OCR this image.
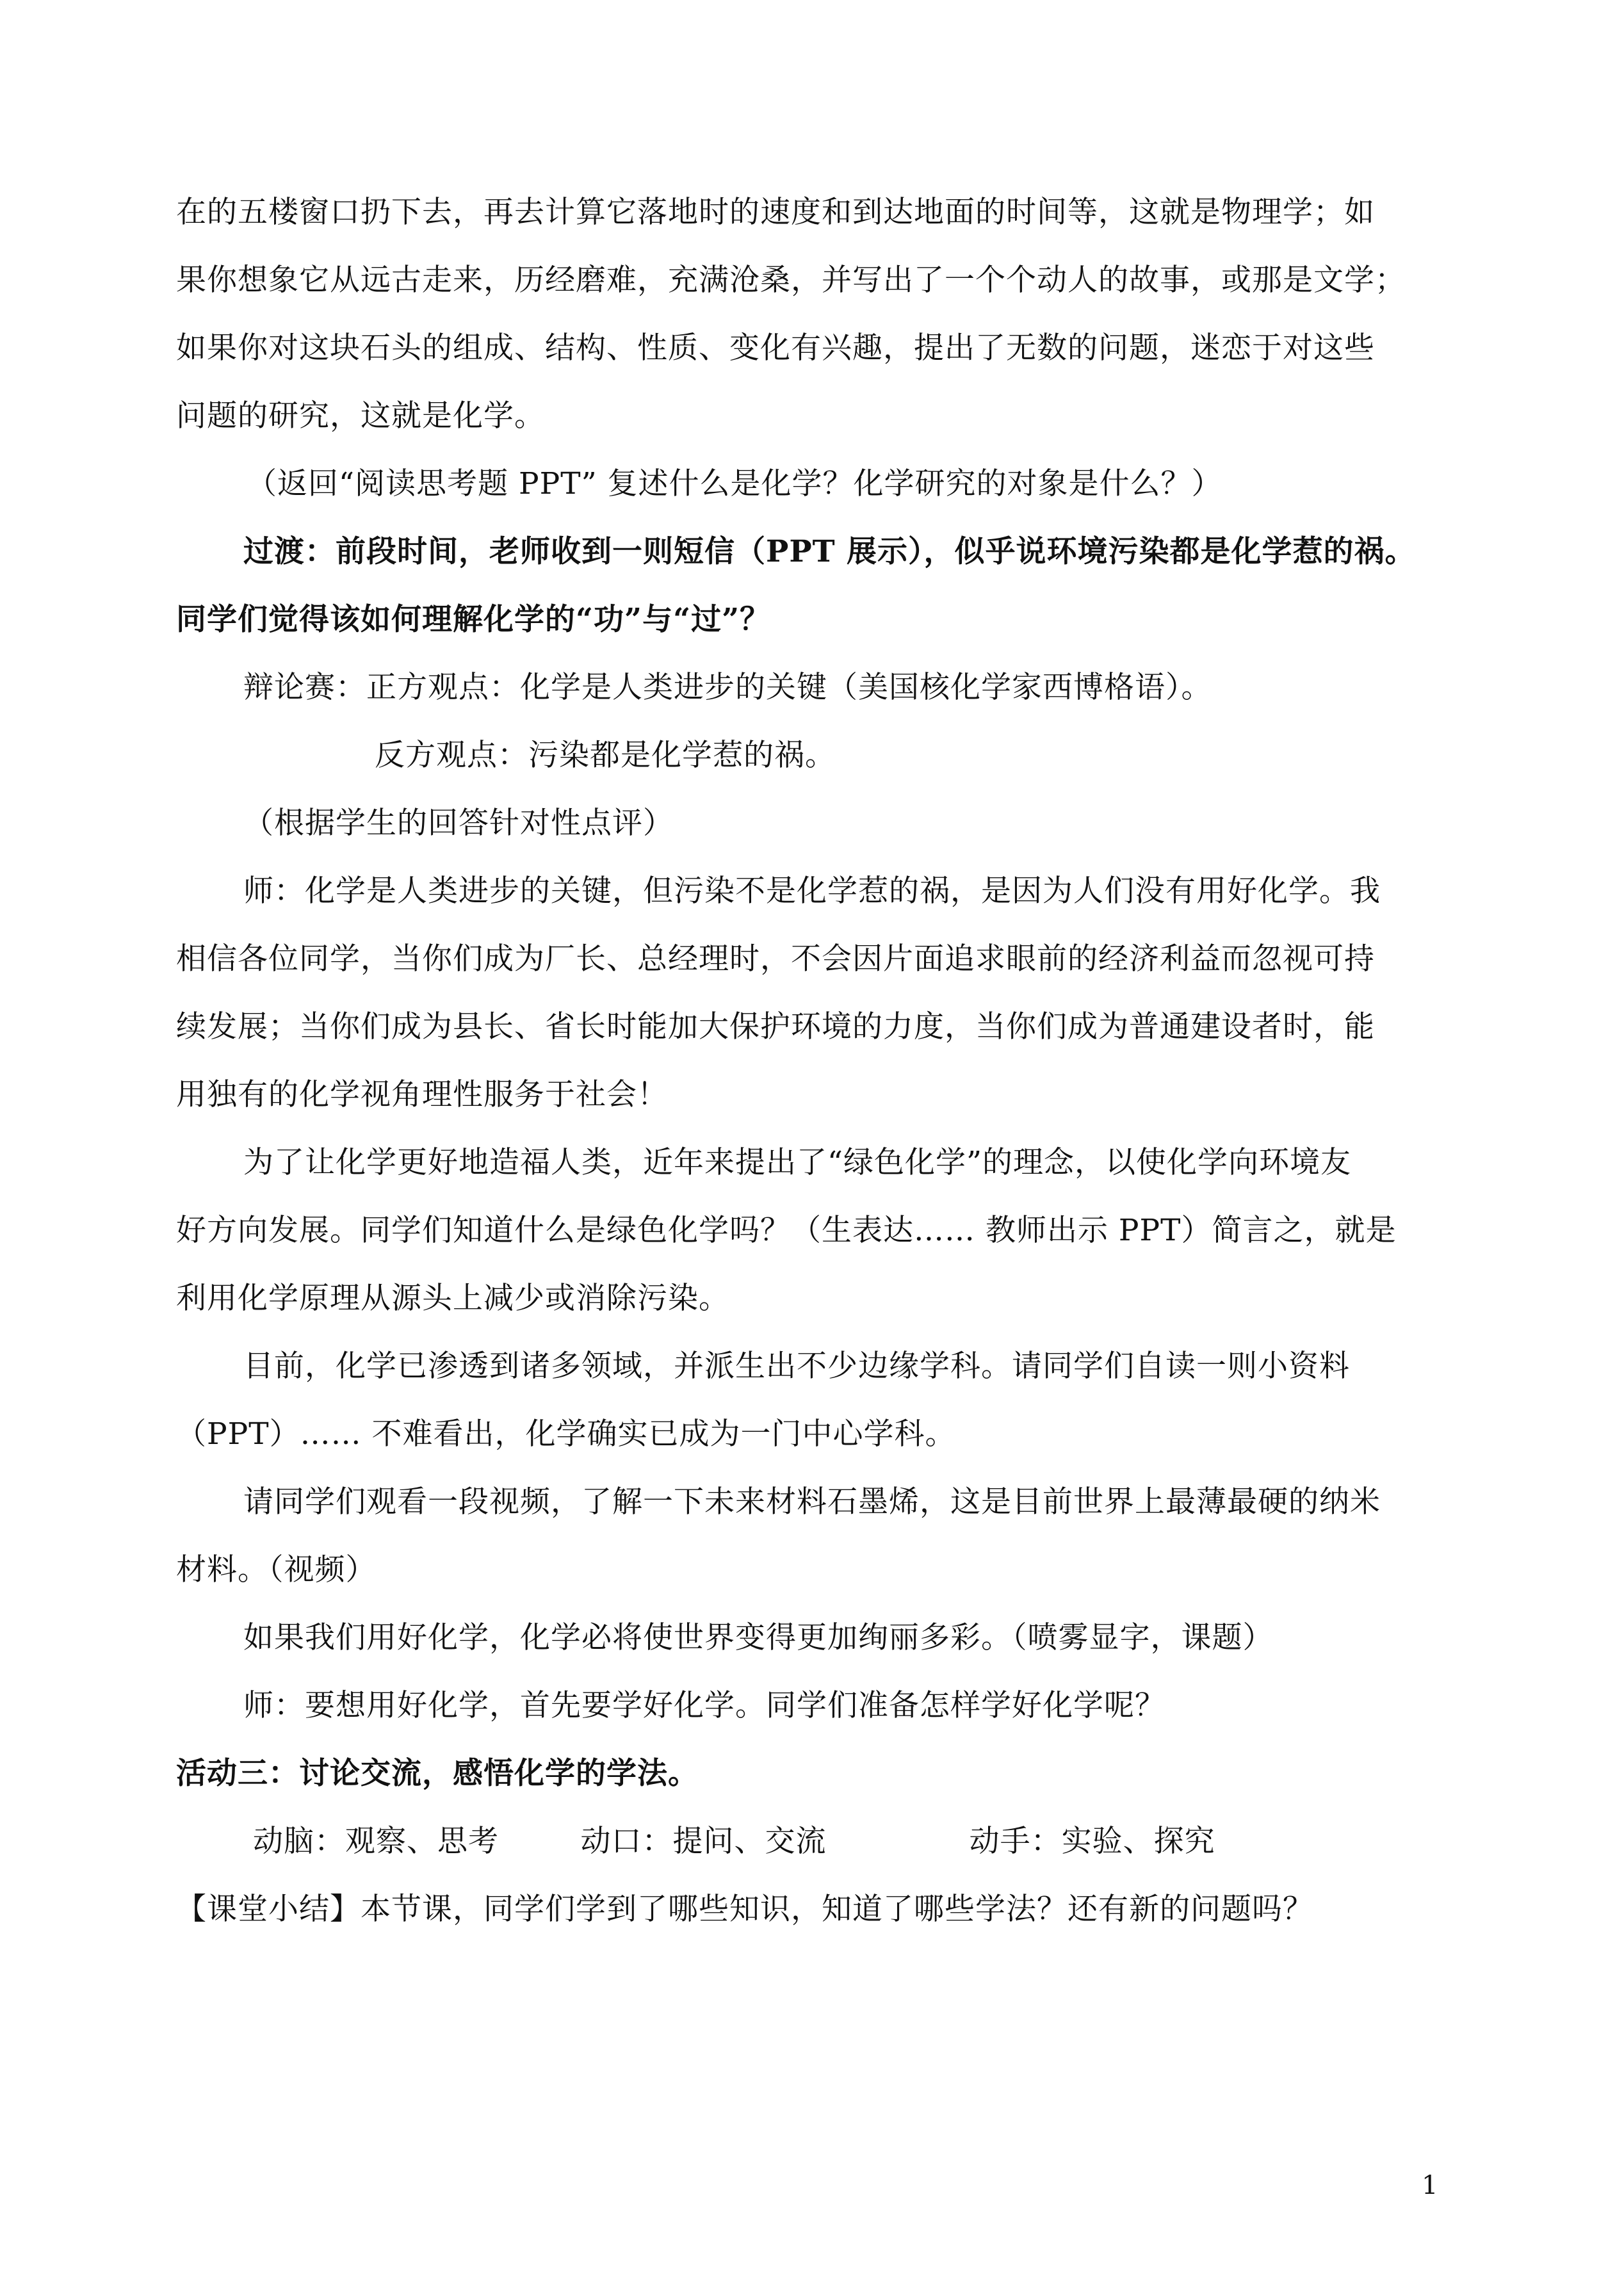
在的五楼窗口扔下去，再去计算它落地时的速度和到达地面的时间等，这就是物理学；如
果你想象它从远古走来，历经磨难，充满沧桑，并写出了一个个动人的故事，或那是文学；
如果你对这块石头的组成、结构、性质、变化有兴趣，提出了无数的问题，迷恋于对这些
问题的研究，这就是化学。
（返回“阅读思考题 PPT” 复述什么是化学？化学研究的对象是什么？）
过渡：前段时间，老师收到一则短信（PPT 展示），似乎说环境污染都是化学惹的祸。
同学们觉得该如何理解化学的“功”与“过”？
辩论赛：正方观点：化学是人类进步的关键（美国核化学家西博格语）。
反方观点：污染都是化学惹的祸。
（根据学生的回答针对性点评）
师：化学是人类进步的关键，但污染不是化学惹的祸，是因为人们没有用好化学。我
相信各位同学，当你们成为厂长、总经理时，不会因片面追求眼前的经济利益而忽视可持
续发展；当你们成为县长、省长时能加大保护环境的力度，当你们成为普通建设者时，能
用独有的化学视角理性服务于社会！
为了让化学更好地造福人类，近年来提出了“绿色化学”的理念，以使化学向环境友
好方向发展。同学们知道什么是绿色化学吗？（生表达…… 教师出示 PPT）简言之，就是
利用化学原理从源头上减少或消除污染。
目前，化学已渗透到诸多领域，并派生出不少边缘学科。请同学们自读一则小资料
（PPT）…… 不难看出，化学确实已成为一门中心学科。
请同学们观看一段视频，了解一下未来材料石墨烯，这是目前世界上最薄最硬的纳米
材料。（视频）
如果我们用好化学，化学必将使世界变得更加绚丽多彩。（喷雾显字，课题）
师：要想用好化学，首先要学好化学。同学们准备怎样学好化学呢？
活动三：讨论交流，感悟化学的学法。
动脑：观察、思考        动口：提问、交流              动手：实验、探究
【课堂小结】本节课，同学们学到了哪些知识，知道了哪些学法？还有新的问题吗？
1
